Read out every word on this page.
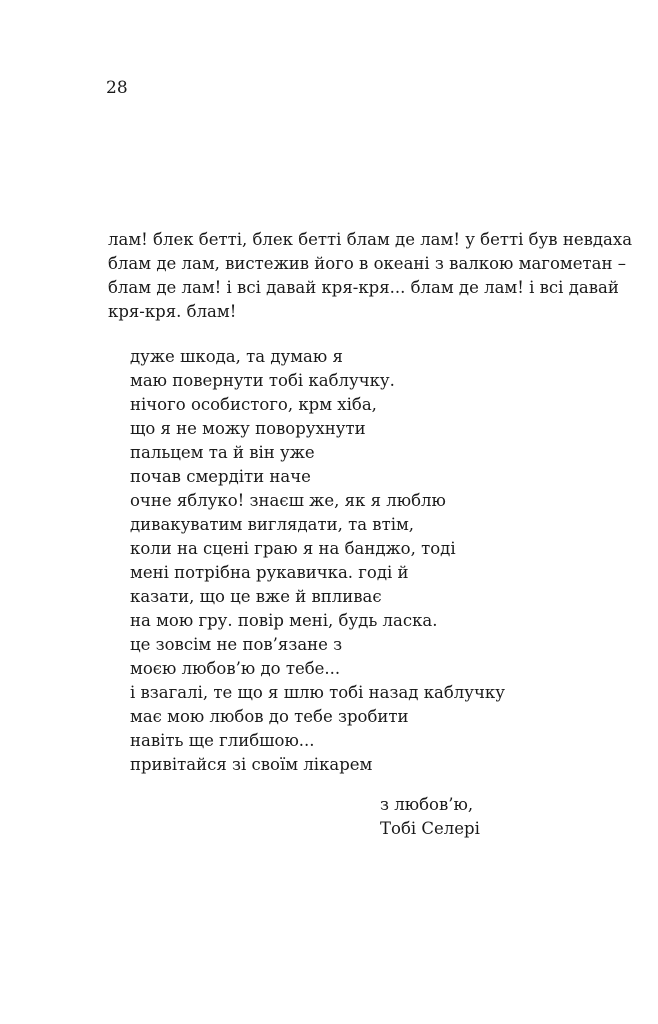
28
лам! блек бетті, блек бетті блам де лам! у бетті був невдаха
блам де лам, вистежив його в океані з валкою магометан –
блам де лам! і всі давай кря-кря... блам де лам! і всі давай
кря-кря. блам!
дуже шкода, та думаю я
маю повернути тобі каблучку.
нічого особистого, крм хіба,
що я не можу поворухнути
пальцем та й він уже
почав смердіти наче
очне яблуко! знаєш же, як я люблю
дивакуватим виглядати, та втім,
коли на сцені граю я на банджо, тоді
мені потрібна рукавичка. годі й
казати, що це вже й впливає
на мою гру. повір мені, будь ласка.
це зовсім не пов’язане з
моєю любов’ю до тебе...
і взагалі, те що я шлю тобі назад каблучку
має мою любов до тебе зробити
навіть ще глибшою...
привітайся зі своїм лікарем
з любов’ю,
Тобі Селері
